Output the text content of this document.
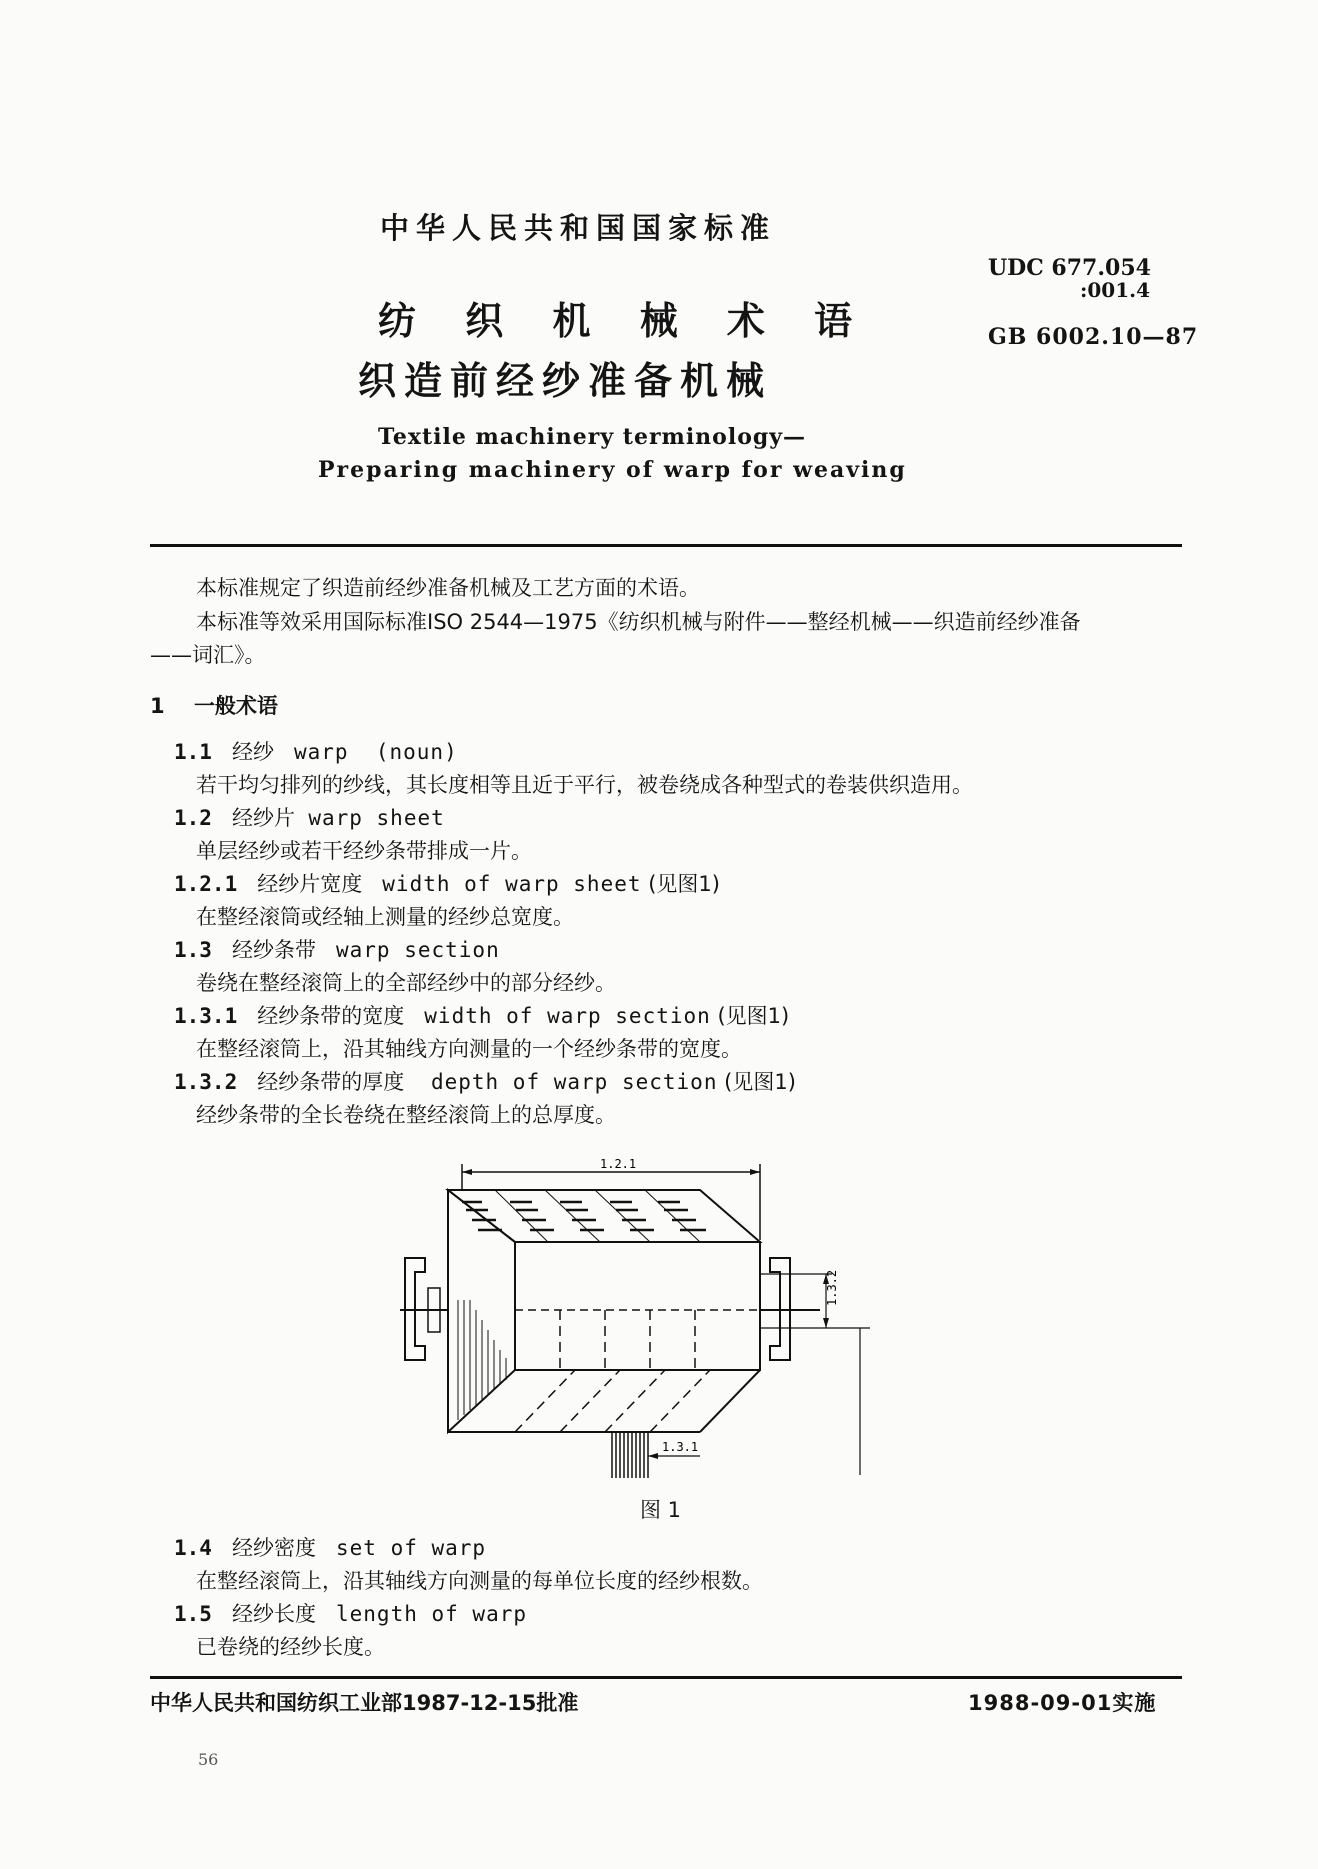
中华人民共和国国家标准
UDC 677.054
:001.4
GB 6002.10—87
纺 织 机 械 术 语
织造前经纱准备机械
Textile machinery terminology—
Preparing machinery of warp for weaving
本标准规定了织造前经纱准备机械及工艺方面的术语。
本标准等效采用国际标准ISO 2544—1975《纺织机械与附件——整经机械——织造前经纱准备
——词汇》。
1 一般术语
1.1 经纱 warp  (noun)
若干均匀排列的纱线，其长度相等且近于平行，被卷绕成各种型式的卷装供织造用。
1.2 经纱片 warp sheet
单层经纱或若干经纱条带排成一片。
1.2.1 经纱片宽度 width of warp sheet (见图1)
在整经滚筒或经轴上测量的经纱总宽度。
1.3 经纱条带 warp section
卷绕在整经滚筒上的全部经纱中的部分经纱。
1.3.1 经纱条带的宽度 width of warp section (见图1)
在整经滚筒上，沿其轴线方向测量的一个经纱条带的宽度。
1.3.2 经纱条带的厚度 depth of warp section (见图1)
经纱条带的全长卷绕在整经滚筒上的总厚度。
1.2.1
1.3.2
1.3.1
图 1
1.4 经纱密度 set of warp
在整经滚筒上，沿其轴线方向测量的每单位长度的经纱根数。
1.5 经纱长度 length of warp
已卷绕的经纱长度。
中华人民共和国纺织工业部1987-12-15批准	1988-09-01实施
56
